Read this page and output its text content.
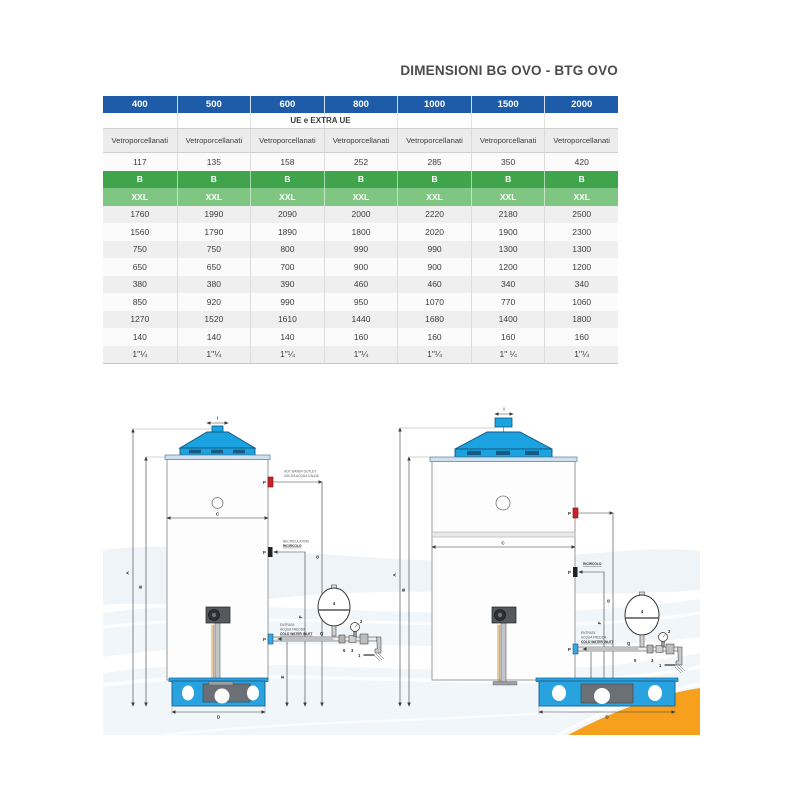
DIMENSIONI BG OVO - BTG OVO
400	500	600	800	1000	1500	2000
UE e EXTRA UE
Vetroporcellanati	Vetroporcellanati	Vetroporcellanati	Vetroporcellanati	Vetroporcellanati	Vetroporcellanati	Vetroporcellanati
117	135	158	252	285	350	420
B	B	B	B	B	B	B
XXL	XXL	XXL	XXL	XXL	XXL	XXL
1760	1990	2090	2000	2220	2180	2500
1560	1790	1890	1800	2020	1900	2300
750	750	800	990	990	1300	1300
650	650	700	900	900	1200	1200
380	380	390	460	460	340	340
850	920	990	950	1070	770	1060
1270	1520	1610	1440	1680	1400	1800
140	140	140	160	160	160	160
1"¼	1"¼	1"¼	1"¼	1"¼	1" ¼	1"¼
A
B
I
C
P
HOT WATER OUTLET
USCITA ACQUA CALDA
G
P
RECIRCULATION
RICIRCOLO
F
P
ENTRATA
ACQUA FREDDA
COLD WATER INLET Q
E
4
2
5 3
1
D
A
B
I
C
P
G
P
RICIRCOLO
F
P
ENTRATA
ACQUA FREDDA
COLD WATER INLET	Q
4
2
5	3
1
D
